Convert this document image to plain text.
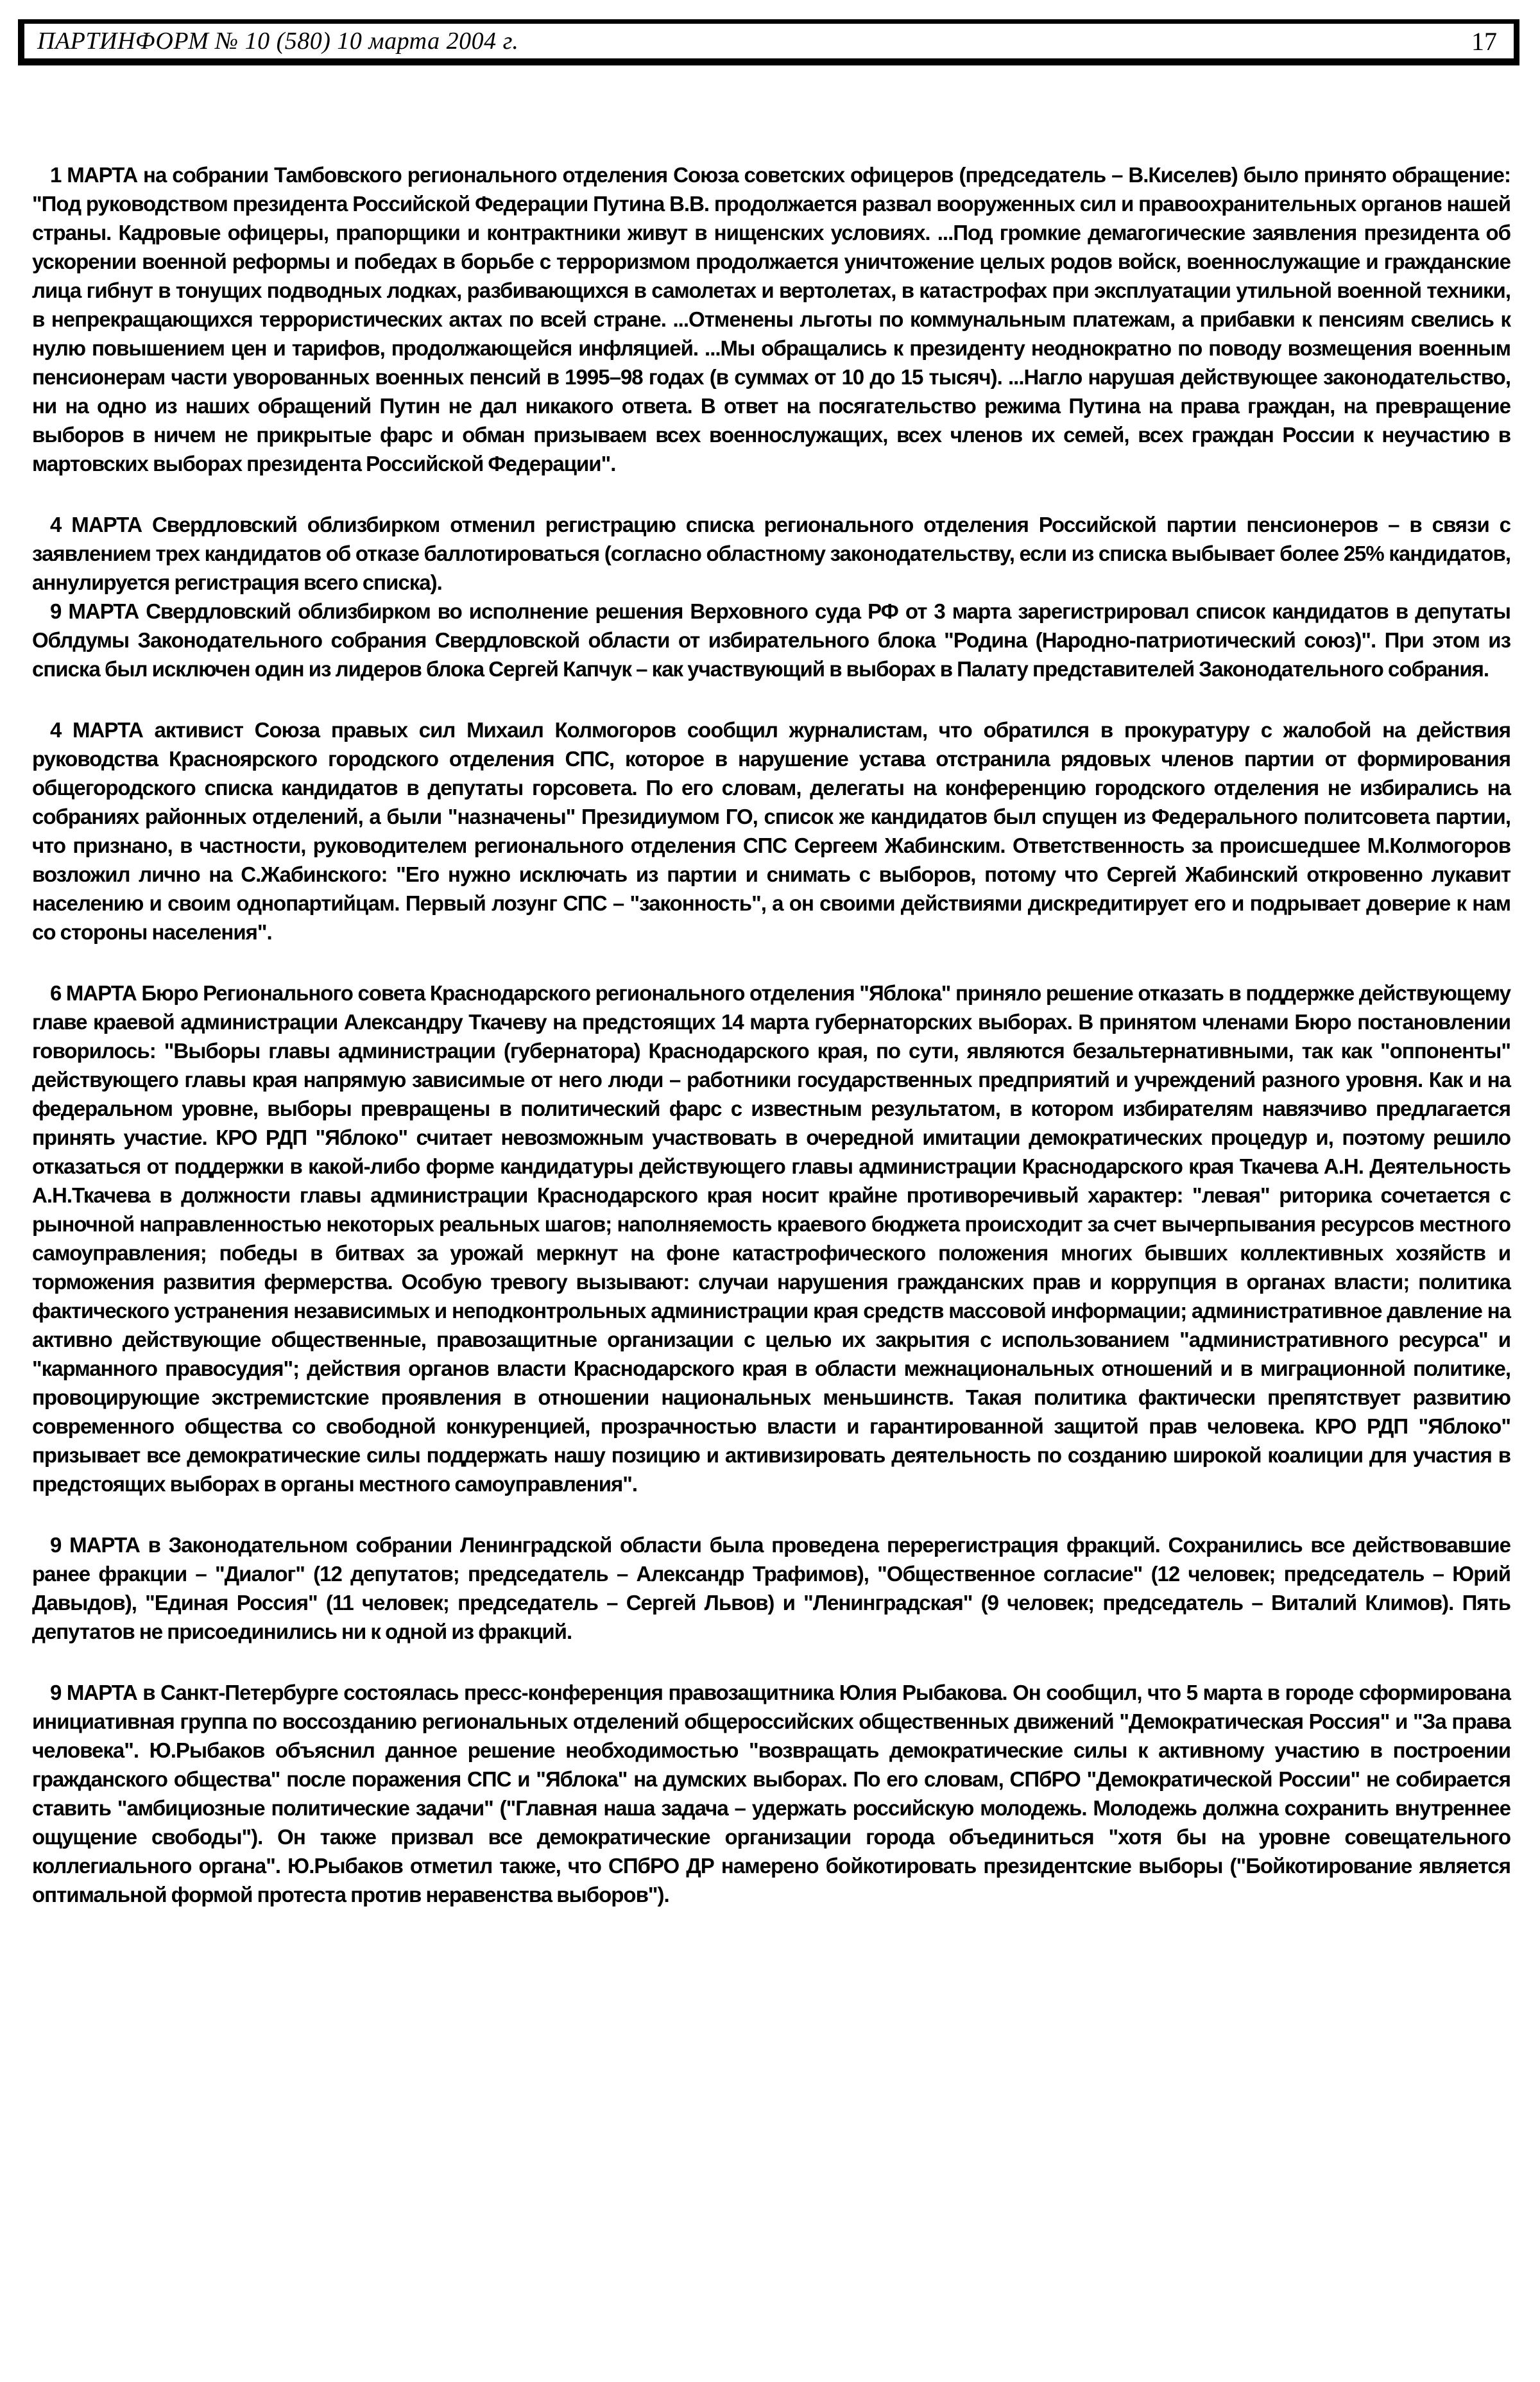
ПАРТИНФОРМ № 10 (580) 10 марта 2004 г.	17

1 МАРТА на собрании Тамбовского регионального отделения Союза советских офицеров (председатель – В.Киселев) было принято обращение: "Под руководством президента Российской Федерации Путина В.В. продолжается развал вооруженных сил и правоохранительных органов нашей страны. Кадровые офицеры, прапорщики и контрактники живут в нищенских условиях. ...Под громкие демагогические заявления президента об ускорении военной реформы и победах в борьбе с терроризмом продолжается уничтожение целых родов войск, военнослужащие и гражданские лица гибнут в тонущих подводных лодках, разбивающихся в самолетах и вертолетах, в катастрофах при эксплуатации утильной военной техники, в непрекращающихся террористических актах по всей стране. ...Отменены льготы по коммунальным платежам, а прибавки к пенсиям свелись к нулю повышением цен и тарифов, продолжающейся инфляцией. ...Мы обращались к президенту неоднократно по поводу возмещения военным пенсионерам части уворованных военных пенсий в 1995–98 годах (в суммах от 10 до 15 тысяч). ...Нагло нарушая действующее законодательство, ни на одно из наших обращений Путин не дал никакого ответа. В ответ на посягательство режима Путина на права граждан, на превращение выборов в ничем не прикрытые фарс и обман призываем всех военнослужащих, всех членов их семей, всех граждан России к неучастию в мартовских выборах президента Российской Федерации".

4 МАРТА Свердловский облизбирком отменил регистрацию списка регионального отделения Российской партии пенсионеров – в связи с заявлением трех кандидатов об отказе баллотироваться (согласно областному законодательству, если из списка выбывает более 25% кандидатов, аннулируется регистрация всего списка).

9 МАРТА Свердловский облизбирком во исполнение решения Верховного суда РФ от 3 марта зарегистрировал список кандидатов в депутаты Облдумы Законодательного собрания Свердловской области от избирательного блока "Родина (Народно-патриотический союз)". При этом из списка был исключен один из лидеров блока Сергей Капчук – как участвующий в выборах в Палату представителей Законодательного собрания.

4 МАРТА активист Союза правых сил Михаил Колмогоров сообщил журналистам, что обратился в прокуратуру с жалобой на действия руководства Красноярского городского отделения СПС, которое в нарушение устава отстранила рядовых членов партии от формирования общегородского списка кандидатов в депутаты горсовета. По его словам, делегаты на конференцию городского отделения не избирались на собраниях районных отделений, а были "назначены" Президиумом ГО, список же кандидатов был спущен из Федерального политсовета партии, что признано, в частности, руководителем регионального отделения СПС Сергеем Жабинским. Ответственность за происшедшее М.Колмогоров возложил лично на С.Жабинского: "Его нужно исключать из партии и снимать с выборов, потому что Сергей Жабинский откровенно лукавит населению и своим однопартийцам. Первый лозунг СПС – "законность", а он своими действиями дискредитирует его и подрывает доверие к нам со стороны населения".

6 МАРТА Бюро Регионального совета Краснодарского регионального отделения "Яблока" приняло решение отказать в поддержке действующему главе краевой администрации Александру Ткачеву на предстоящих 14 марта губернаторских выборах. В принятом членами Бюро постановлении говорилось: "Выборы главы администрации (губернатора) Краснодарского края, по сути, являются безальтернативными, так как "оппоненты" действующего главы края напрямую зависимые от него люди – работники государственных предприятий и учреждений разного уровня. Как и на федеральном уровне, выборы превращены в политический фарс с известным результатом, в котором избирателям навязчиво предлагается принять участие. КРО РДП "Яблоко" считает невозможным участвовать в очередной имитации демократических процедур и, поэтому решило отказаться от поддержки в какой-либо форме кандидатуры действующего главы администрации Краснодарского края Ткачева А.Н. Деятельность А.Н.Ткачева в должности главы администрации Краснодарского края носит крайне противоречивый характер: "левая" риторика сочетается с рыночной направленностью некоторых реальных шагов; наполняемость краевого бюджета происходит за счет вычерпывания ресурсов местного самоуправления; победы в битвах за урожай меркнут на фоне катастрофического положения многих бывших коллективных хозяйств и торможения развития фермерства. Особую тревогу вызывают: случаи нарушения гражданских прав и коррупция в органах власти; политика фактического устранения независимых и неподконтрольных администрации края средств массовой информации; административное давление на активно действующие общественные, правозащитные организации с целью их закрытия с использованием "административного ресурса" и "карманного правосудия"; действия органов власти Краснодарского края в области межнациональных отношений и в миграционной политике, провоцирующие экстремистские проявления в отношении национальных меньшинств. Такая политика фактически препятствует развитию современного общества со свободной конкуренцией, прозрачностью власти и гарантированной защитой прав человека. КРО РДП "Яблоко" призывает все демократические силы поддержать нашу позицию и активизировать деятельность по созданию широкой коалиции для участия в предстоящих выборах в органы местного самоуправления".

9 МАРТА в Законодательном собрании Ленинградской области была проведена перерегистрация фракций. Сохранились все действовавшие ранее фракции – "Диалог" (12 депутатов; председатель – Александр Трафимов), "Общественное согласие" (12 человек; председатель – Юрий Давыдов), "Единая Россия" (11 человек; председатель – Сергей Львов) и "Ленинградская" (9 человек; председатель – Виталий Климов). Пять депутатов не присоединились ни к одной из фракций.

9 МАРТА в Санкт-Петербурге состоялась пресс-конференция правозащитника Юлия Рыбакова. Он сообщил, что 5 марта в городе сформирована инициативная группа по воссозданию региональных отделений общероссийских общественных движений "Демократическая Россия" и "За права человека". Ю.Рыбаков объяснил данное решение необходимостью "возвращать демократические силы к активному участию в построении гражданского общества" после поражения СПС и "Яблока" на думских выборах. По его словам, СПбРО "Демократической России" не собирается ставить "амбициозные политические задачи" ("Главная наша задача – удержать российскую молодежь. Молодежь должна сохранить внутреннее ощущение свободы"). Он также призвал все демократические организации города объединиться "хотя бы на уровне совещательного коллегиального органа". Ю.Рыбаков отметил также, что СПбРО ДР намерено бойкотировать президентские выборы ("Бойкотирование является оптимальной формой протеста против неравенства выборов").
